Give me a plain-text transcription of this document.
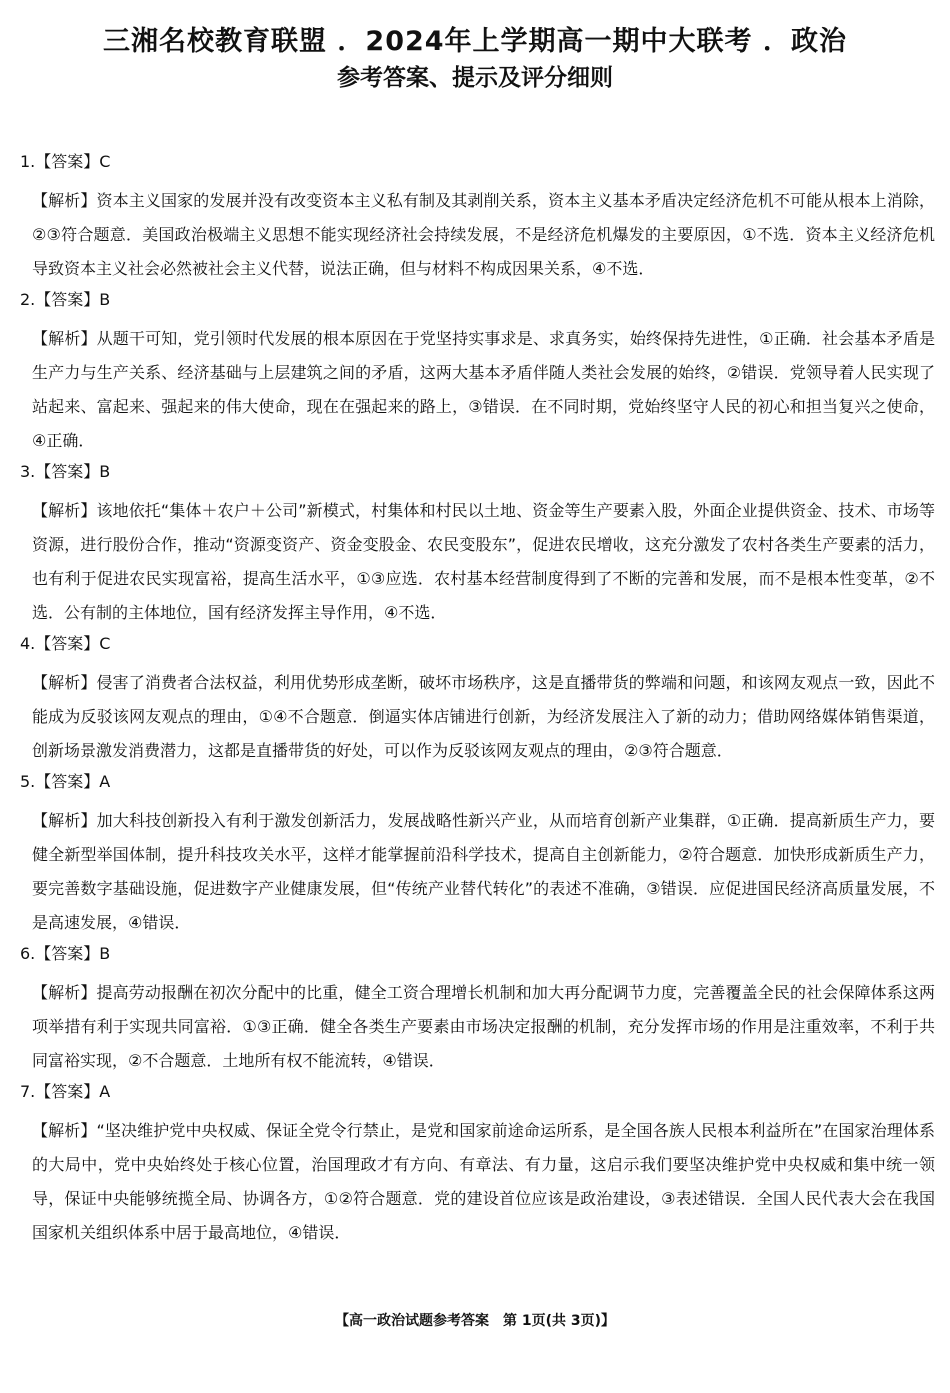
三湘名校教育联盟 ．2024年上学期高一期中大联考 ．政治
参考答案、提示及评分细则
1.【答案】C
【解析】资本主义国家的发展并没有改变资本主义私有制及其剥削关系，资本主义基本矛盾决定经济危机不可能从根本上消除，②③符合题意．美国政治极端主义思想不能实现经济社会持续发展，不是经济危机爆发的主要原因，①不选．资本主义经济危机导致资本主义社会必然被社会主义代替，说法正确，但与材料不构成因果关系，④不选．
2.【答案】B
【解析】从题干可知，党引领时代发展的根本原因在于党坚持实事求是、求真务实，始终保持先进性，①正确．社会基本矛盾是生产力与生产关系、经济基础与上层建筑之间的矛盾，这两大基本矛盾伴随人类社会发展的始终，②错误．党领导着人民实现了站起来、富起来、强起来的伟大使命，现在在强起来的路上，③错误．在不同时期，党始终坚守人民的初心和担当复兴之使命，④正确．
3.【答案】B
【解析】该地依托“集体＋农户＋公司”新模式，村集体和村民以土地、资金等生产要素入股，外面企业提供资金、技术、市场等资源，进行股份合作，推动“资源变资产、资金变股金、农民变股东”，促进农民增收，这充分激发了农村各类生产要素的活力，也有利于促进农民实现富裕，提高生活水平，①③应选．农村基本经营制度得到了不断的完善和发展，而不是根本性变革，②不选．公有制的主体地位，国有经济发挥主导作用，④不选．
4.【答案】C
【解析】侵害了消费者合法权益，利用优势形成垄断，破坏市场秩序，这是直播带货的弊端和问题，和该网友观点一致，因此不能成为反驳该网友观点的理由，①④不合题意．倒逼实体店铺进行创新，为经济发展注入了新的动力；借助网络媒体销售渠道，创新场景激发消费潜力，这都是直播带货的好处，可以作为反驳该网友观点的理由，②③符合题意．
5.【答案】A
【解析】加大科技创新投入有利于激发创新活力，发展战略性新兴产业，从而培育创新产业集群，①正确．提高新质生产力，要健全新型举国体制，提升科技攻关水平，这样才能掌握前沿科学技术，提高自主创新能力，②符合题意．加快形成新质生产力，要完善数字基础设施，促进数字产业健康发展，但“传统产业替代转化”的表述不准确，③错误．应促进国民经济高质量发展，不是高速发展，④错误．
6.【答案】B
【解析】提高劳动报酬在初次分配中的比重，健全工资合理增长机制和加大再分配调节力度，完善覆盖全民的社会保障体系这两项举措有利于实现共同富裕．①③正确．健全各类生产要素由市场决定报酬的机制，充分发挥市场的作用是注重效率，不利于共同富裕实现，②不合题意．土地所有权不能流转，④错误．
7.【答案】A
【解析】“坚决维护党中央权威、保证全党令行禁止，是党和国家前途命运所系，是全国各族人民根本利益所在”在国家治理体系的大局中，党中央始终处于核心位置，治国理政才有方向、有章法、有力量，这启示我们要坚决维护党中央权威和集中统一领导，保证中央能够统揽全局、协调各方，①②符合题意．党的建设首位应该是政治建设，③表述错误．全国人民代表大会在我国国家机关组织体系中居于最高地位，④错误．
【高一政治试题参考答案　第 1页(共 3页)】
